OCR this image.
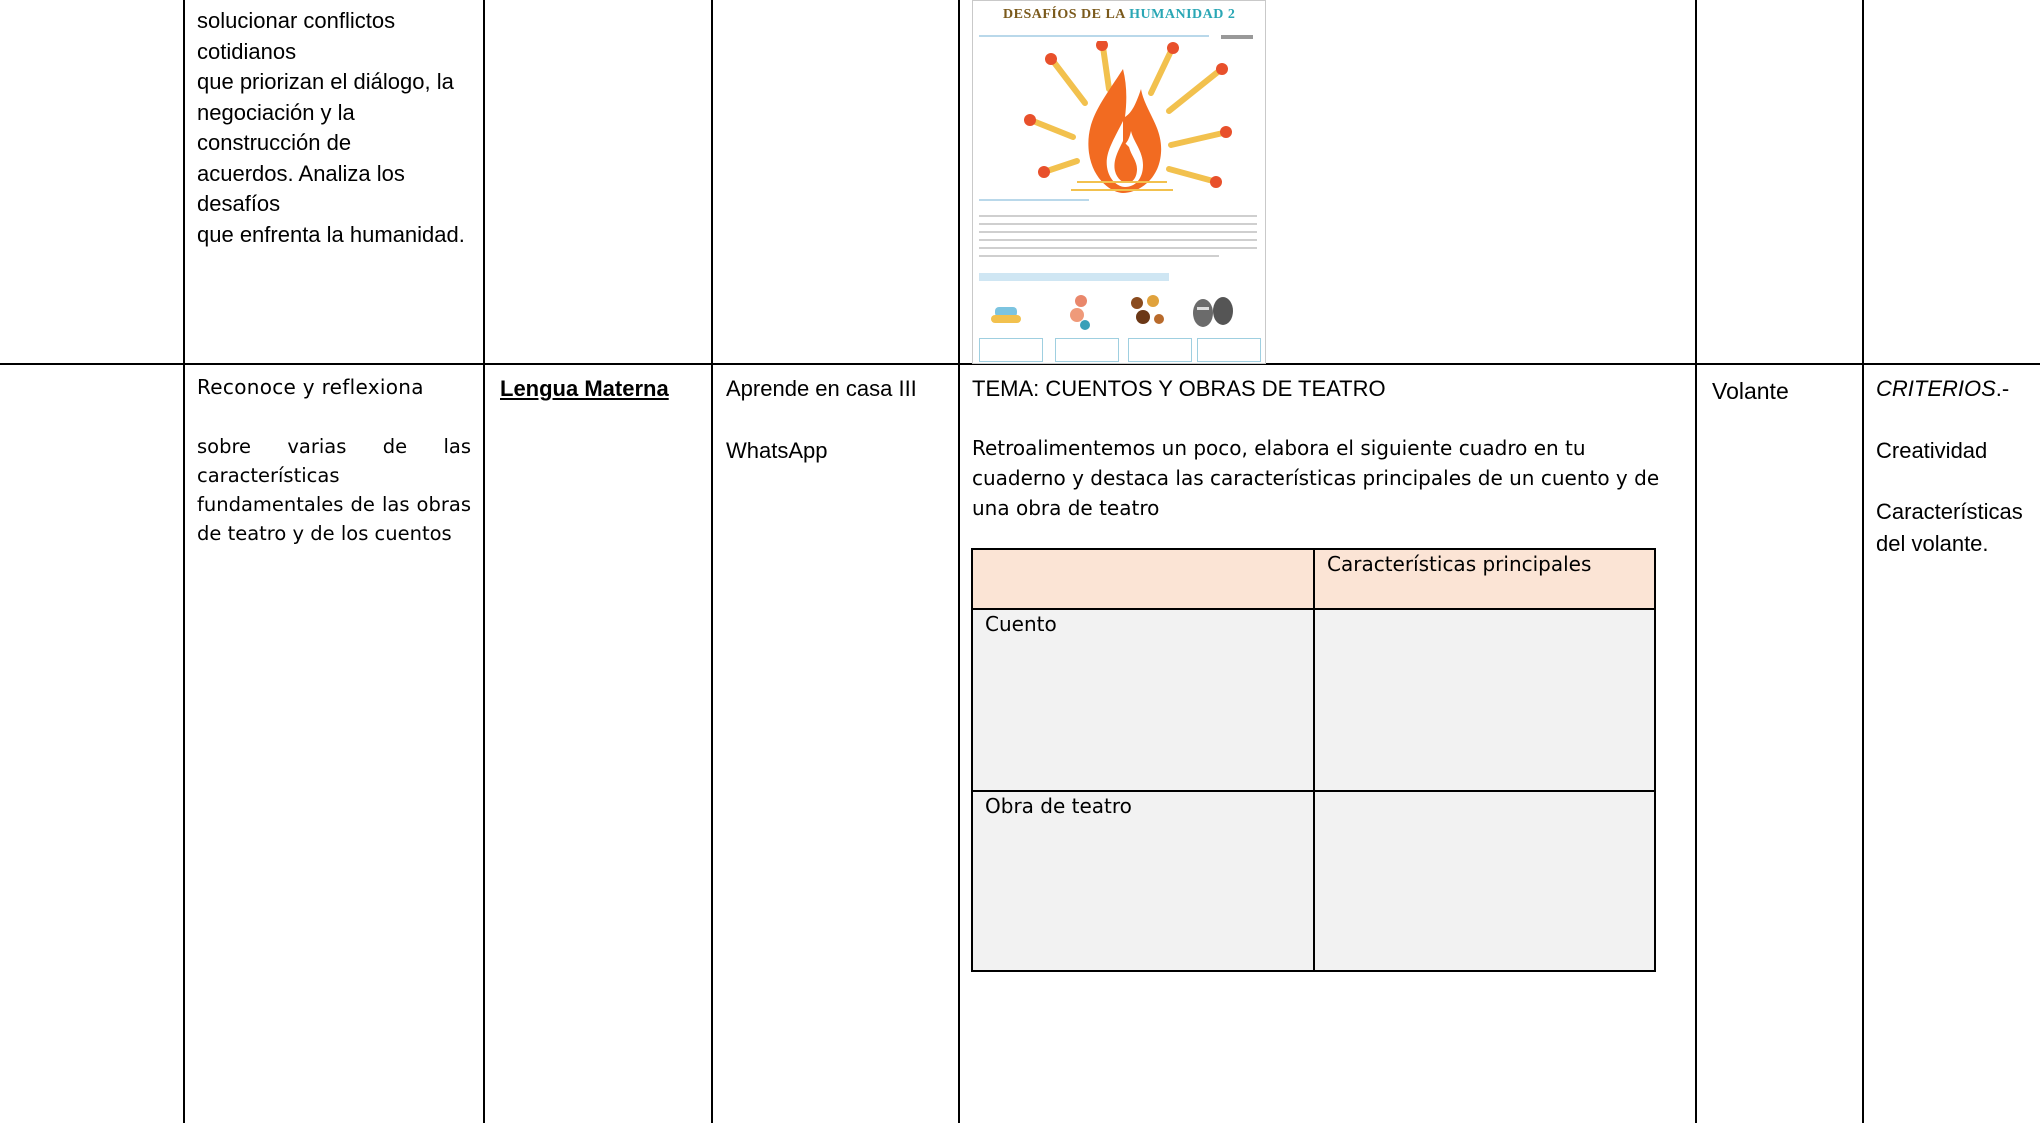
solucionar conflictos
cotidianos
que priorizan el diálogo, la
negociación y la
construcción de
acuerdos. Analiza los
desafíos
que enfrenta la humanidad.
DESAFÍOS DE LA HUMANIDAD 2
Reconoce y reflexiona
sobre varias de las características fundamentales de las obras de teatro y de los cuentos
Lengua Materna	Aprende en casa III
WhatsApp
TEMA: CUENTOS Y OBRAS DE TEATRO
Retroalimentemos un poco, elabora el siguiente cuadro en tu cuaderno y destaca las características principales de un cuento y de una obra de teatro
Características principales
Cuento
Obra de teatro
Volante	CRITERIOS.-
Creatividad
Características
del volante.
